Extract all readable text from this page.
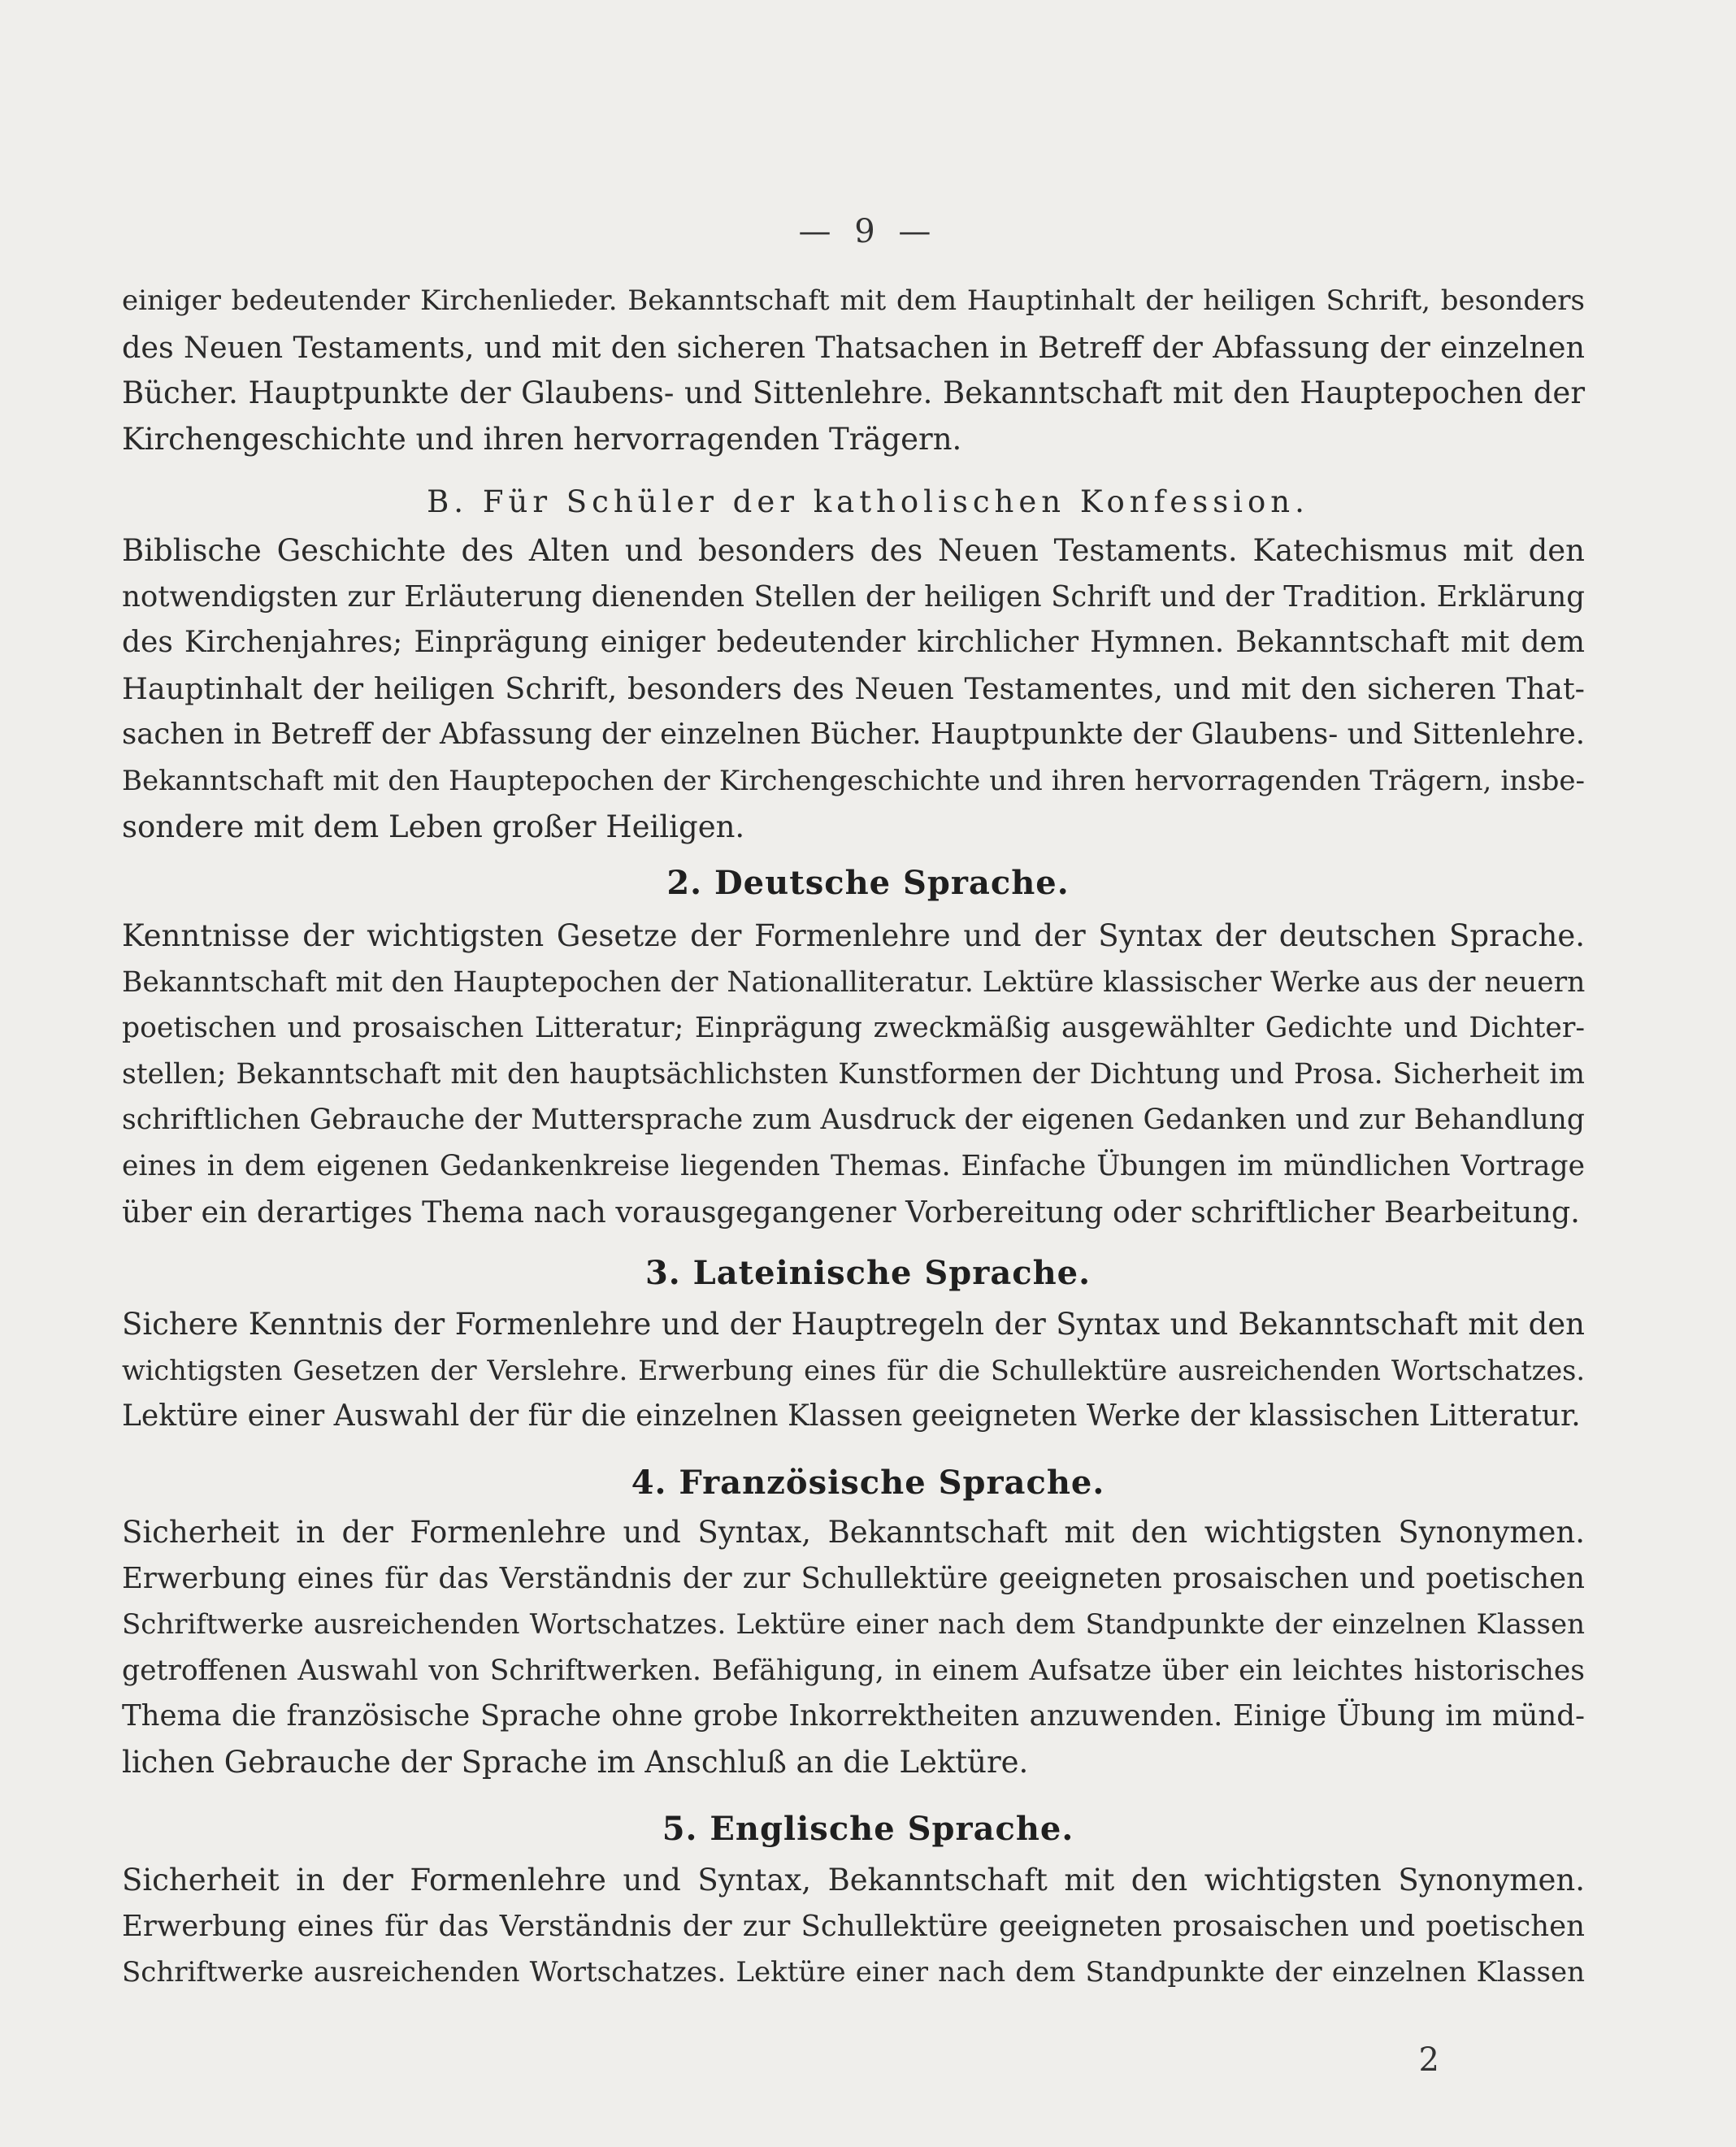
— 9 —
einiger bedeutender Kirchenlieder. Bekanntschaft mit dem Hauptinhalt der heiligen Schrift, besonders
des Neuen Testaments, und mit den sicheren Thatsachen in Betreff der Abfassung der einzelnen
Bücher. Hauptpunkte der Glaubens- und Sittenlehre. Bekanntschaft mit den Hauptepochen der
Kirchengeschichte und ihren hervorragenden Trägern.
B. Für Schüler der katholischen Konfession.
Biblische Geschichte des Alten und besonders des Neuen Testaments. Katechismus mit den
notwendigsten zur Erläuterung dienenden Stellen der heiligen Schrift und der Tradition. Erklärung
des Kirchenjahres; Einprägung einiger bedeutender kirchlicher Hymnen. Bekanntschaft mit dem
Hauptinhalt der heiligen Schrift, besonders des Neuen Testamentes, und mit den sicheren That-
sachen in Betreff der Abfassung der einzelnen Bücher. Hauptpunkte der Glaubens- und Sittenlehre.
Bekanntschaft mit den Hauptepochen der Kirchengeschichte und ihren hervorragenden Trägern, insbe-
sondere mit dem Leben großer Heiligen.
2. Deutsche Sprache.
Kenntnisse der wichtigsten Gesetze der Formenlehre und der Syntax der deutschen Sprache.
Bekanntschaft mit den Hauptepochen der Nationalliteratur. Lektüre klassischer Werke aus der neuern
poetischen und prosaischen Litteratur; Einprägung zweckmäßig ausgewählter Gedichte und Dichter-
stellen; Bekanntschaft mit den hauptsächlichsten Kunstformen der Dichtung und Prosa. Sicherheit im
schriftlichen Gebrauche der Muttersprache zum Ausdruck der eigenen Gedanken und zur Behandlung
eines in dem eigenen Gedankenkreise liegenden Themas. Einfache Übungen im mündlichen Vortrage
über ein derartiges Thema nach vorausgegangener Vorbereitung oder schriftlicher Bearbeitung.
3. Lateinische Sprache.
Sichere Kenntnis der Formenlehre und der Hauptregeln der Syntax und Bekanntschaft mit den
wichtigsten Gesetzen der Verslehre. Erwerbung eines für die Schullektüre ausreichenden Wortschatzes.
Lektüre einer Auswahl der für die einzelnen Klassen geeigneten Werke der klassischen Litteratur.
4. Französische Sprache.
Sicherheit in der Formenlehre und Syntax, Bekanntschaft mit den wichtigsten Synonymen.
Erwerbung eines für das Verständnis der zur Schullektüre geeigneten prosaischen und poetischen
Schriftwerke ausreichenden Wortschatzes. Lektüre einer nach dem Standpunkte der einzelnen Klassen
getroffenen Auswahl von Schriftwerken. Befähigung, in einem Aufsatze über ein leichtes historisches
Thema die französische Sprache ohne grobe Inkorrektheiten anzuwenden. Einige Übung im münd-
lichen Gebrauche der Sprache im Anschluß an die Lektüre.
5. Englische Sprache.
Sicherheit in der Formenlehre und Syntax, Bekanntschaft mit den wichtigsten Synonymen.
Erwerbung eines für das Verständnis der zur Schullektüre geeigneten prosaischen und poetischen
Schriftwerke ausreichenden Wortschatzes. Lektüre einer nach dem Standpunkte der einzelnen Klassen
2
